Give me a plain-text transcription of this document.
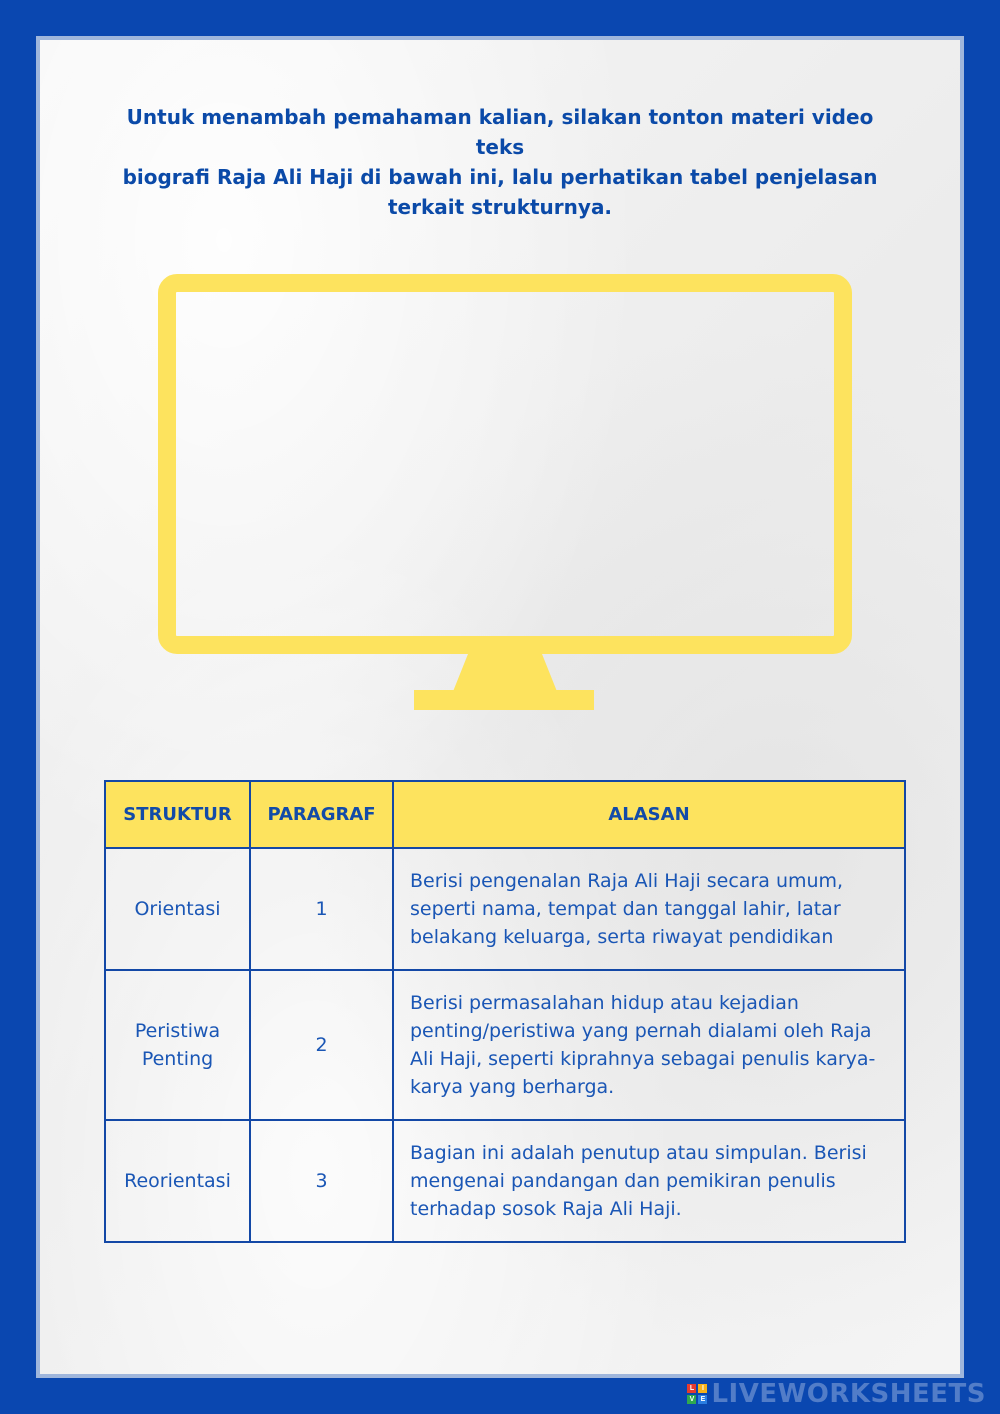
Untuk menambah pemahaman kalian, silakan tonton materi video teks
biografi Raja Ali Haji di bawah ini, lalu perhatikan tabel penjelasan
terkait strukturnya.

STRUKTUR	PARAGRAF	ALASAN
Orientasi	1	Berisi pengenalan Raja Ali Haji secara umum,
seperti nama, tempat dan tanggal lahir, latar
belakang keluarga, serta riwayat pendidikan
Peristiwa
Penting	2	Berisi permasalahan hidup atau kejadian
penting/peristiwa yang pernah dialami oleh Raja
Ali Haji, seperti kiprahnya sebagai penulis karya-
karya yang berharga.
Reorientasi	3	Bagian ini adalah penutup atau simpulan. Berisi
mengenai pandangan dan pemikiran penulis
terhadap sosok Raja Ali Haji.
L	I
V E LIVEWORKSHEETS
